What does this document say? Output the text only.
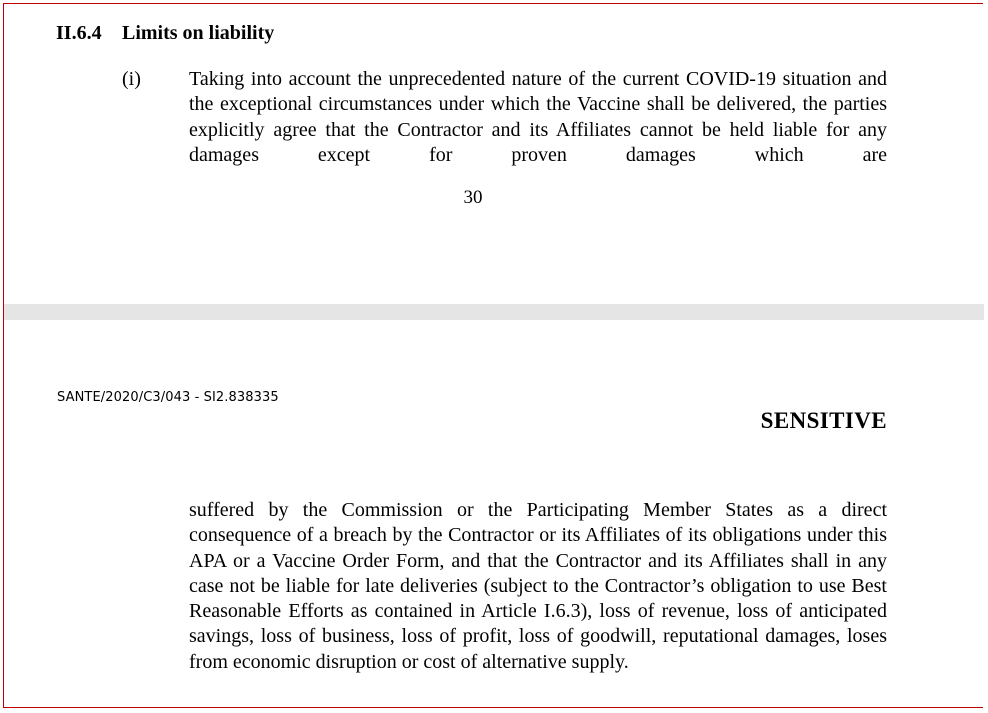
II.6.4 Limits on liability
(i) Taking into account the unprecedented nature of the current COVID-19 situation and the exceptional circumstances under which the Vaccine shall be delivered, the parties explicitly agree that the Contractor and its Affiliates cannot be held liable for any damages except for proven damages which are
30
SANTE/2020/C3/043 - SI2.838335
SENSITIVE
suffered by the Commission or the Participating Member States as a direct consequence of a breach by the Contractor or its Affiliates of its obligations under this APA or a Vaccine Order Form, and that the Contractor and its Affiliates shall in any case not be liable for late deliveries (subject to the Contractor’s obligation to use Best Reasonable Efforts as contained in Article I.6.3), loss of revenue, loss of anticipated savings, loss of business, loss of profit, loss of goodwill, reputational damages, loses from economic disruption or cost of alternative supply.
